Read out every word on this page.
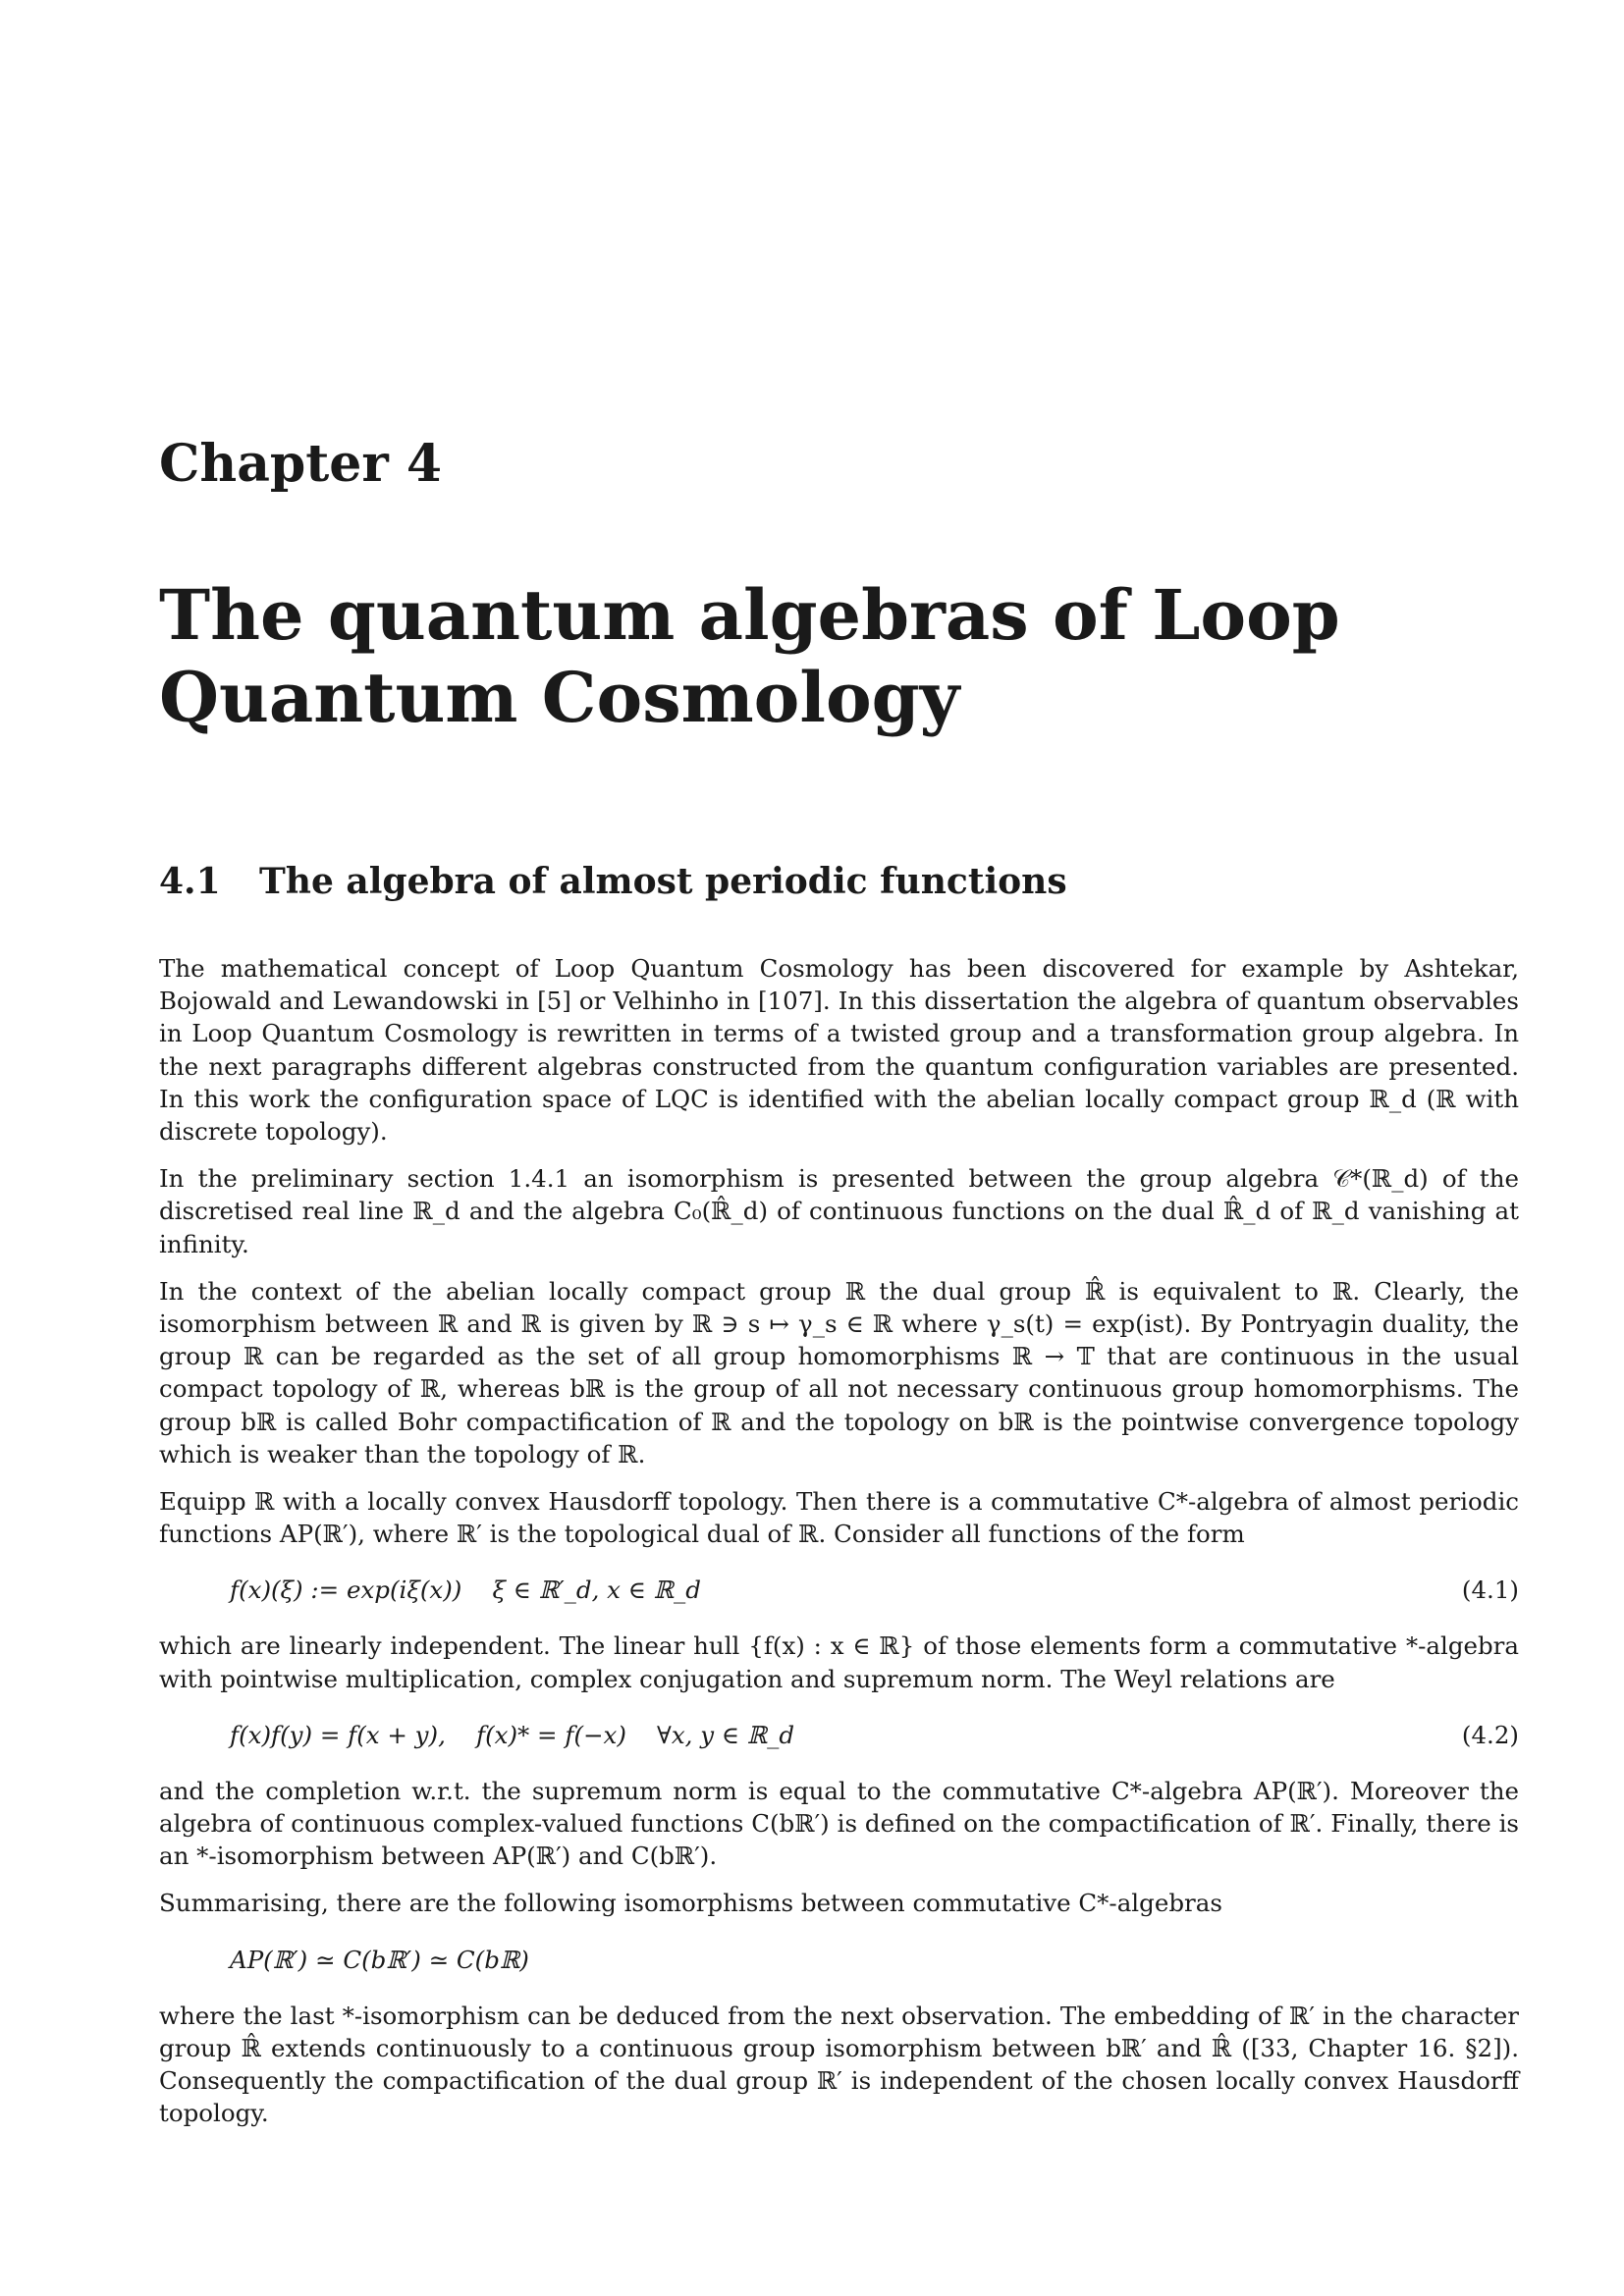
Chapter 4
The quantum algebras of Loop Quantum Cosmology
4.1 The algebra of almost periodic functions

The mathematical concept of Loop Quantum Cosmology has been discovered for example by Ashtekar, Bojowald and Lewandowski in [5] or Velhinho in [107]. In this dissertation the algebra of quantum observables in Loop Quantum Cosmology is rewritten in terms of a twisted group and a transformation group algebra. In the next paragraphs different algebras constructed from the quantum configuration variables are presented. In this work the configuration space of LQC is identified with the abelian locally compact group ℝ_d (ℝ with discrete topology).

In the preliminary section 1.4.1 an isomorphism is presented between the group algebra 𝒞*(ℝ_d) of the discretised real line ℝ_d and the algebra C₀(ℝ̂_d) of continuous functions on the dual ℝ̂_d of ℝ_d vanishing at infinity.

In the context of the abelian locally compact group ℝ the dual group ℝ̂ is equivalent to ℝ. Clearly, the isomorphism between ℝ and ℝ is given by ℝ ∋ s ↦ γ_s ∈ ℝ where γ_s(t) = exp(ist). By Pontryagin duality, the group ℝ can be regarded as the set of all group homomorphisms ℝ → 𝕋 that are continuous in the usual compact topology of ℝ, whereas bℝ is the group of all not necessary continuous group homomorphisms. The group bℝ is called Bohr compactification of ℝ and the topology on bℝ is the pointwise convergence topology which is weaker than the topology of ℝ.

Equipp ℝ with a locally convex Hausdorff topology. Then there is a commutative C*-algebra of almost periodic functions AP(ℝ′), where ℝ′ is the topological dual of ℝ. Consider all functions of the form

f(x)(ξ) := exp(iξ(x))    ξ ∈ ℝ′_d, x ∈ ℝ_d	(4.1)

which are linearly independent. The linear hull {f(x) : x ∈ ℝ} of those elements form a commutative *-algebra with pointwise multiplication, complex conjugation and supremum norm. The Weyl relations are

f(x)f(y) = f(x + y),    f(x)* = f(−x)    ∀x, y ∈ ℝ_d	(4.2)

and the completion w.r.t. the supremum norm is equal to the commutative C*-algebra AP(ℝ′). Moreover the algebra of continuous complex-valued functions C(bℝ′) is defined on the compactification of ℝ′. Finally, there is an *-isomorphism between AP(ℝ′) and C(bℝ′).

Summarising, there are the following isomorphisms between commutative C*-algebras

AP(ℝ′) ≃ C(bℝ′) ≃ C(bℝ)

where the last *-isomorphism can be deduced from the next observation. The embedding of ℝ′ in the character group ℝ̂ extends continuously to a continuous group isomorphism between bℝ′ and ℝ̂ ([33, Chapter 16. §2]). Consequently the compactification of the dual group ℝ′ is independent of the chosen locally convex Hausdorff topology.
